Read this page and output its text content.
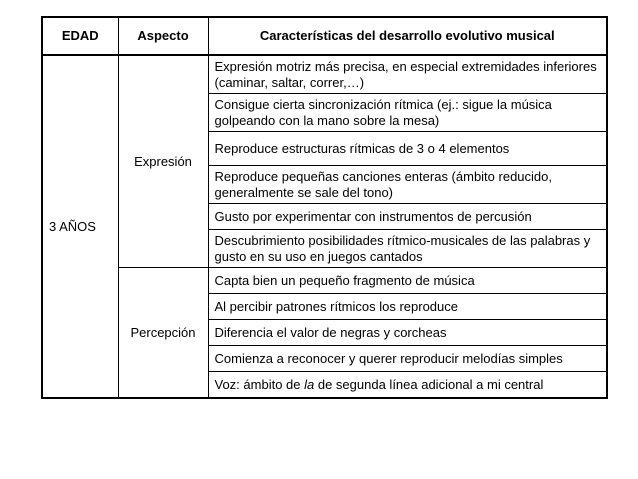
EDAD	Aspecto	Características del desarrollo evolutivo musical
3 AÑOS	Expresión	Expresión motriz más precisa, en especial extremidades inferiores (caminar, saltar, correr,…)
		Consigue cierta sincronización rítmica (ej.: sigue la música golpeando con la mano sobre la mesa)
		Reproduce estructuras rítmicas de 3 o 4 elementos
		Reproduce pequeñas canciones enteras (ámbito reducido, generalmente se sale del tono)
		Gusto por experimentar con instrumentos de percusión
		Descubrimiento posibilidades rítmico-musicales de las palabras y gusto en su uso en juegos cantados
	Percepción	Capta bien un pequeño fragmento de música
		Al percibir patrones rítmicos los reproduce
		Diferencia el valor de negras y corcheas
		Comienza a reconocer y querer reproducir melodías simples
		Voz: ámbito de la de segunda línea adicional a mi central
